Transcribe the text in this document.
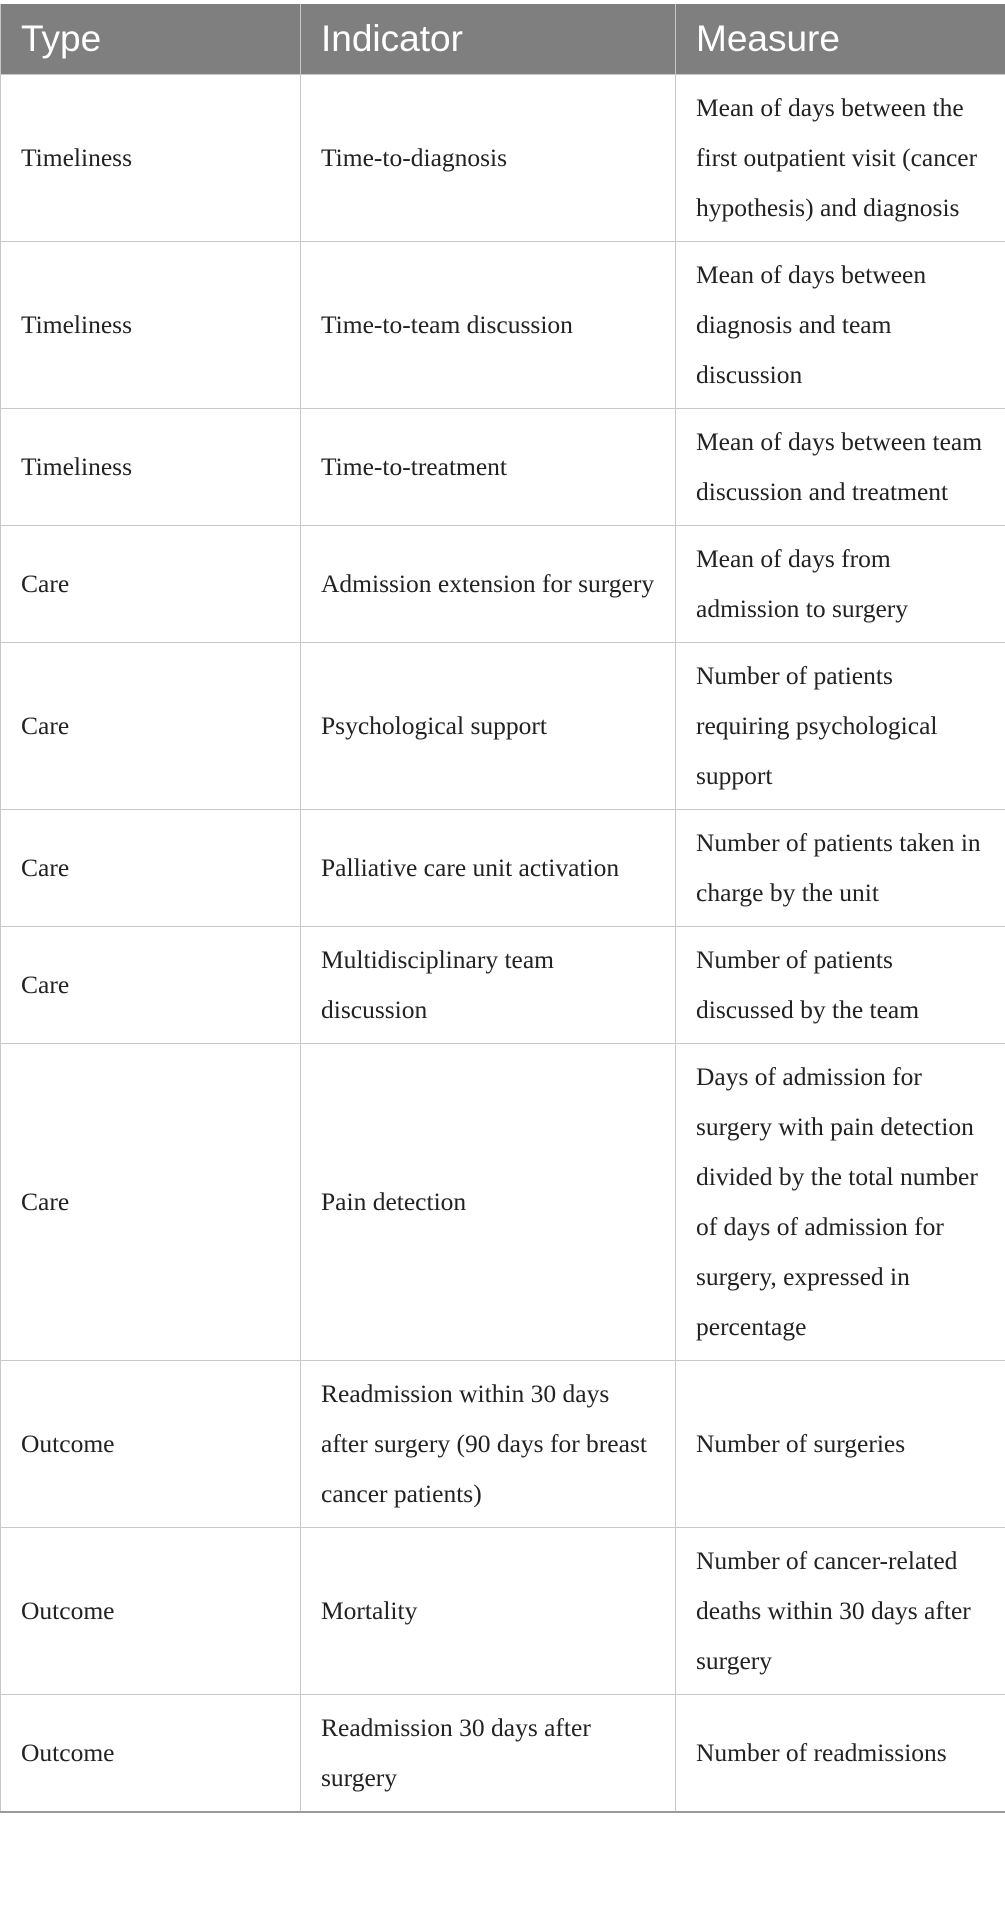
Type	Indicator	Measure
Timeliness	Time-to-diagnosis	Mean of days between the first outpatient visit (cancer hypothesis) and diagnosis
Timeliness	Time-to-team discussion	Mean of days between diagnosis and team discussion
Timeliness	Time-to-treatment	Mean of days between team discussion and treatment
Care	Admission extension for surgery	Mean of days from admission to surgery
Care	Psychological support	Number of patients requiring psychological support
Care	Palliative care unit activation	Number of patients taken in charge by the unit
Care	Multidisciplinary team discussion	Number of patients discussed by the team
Care	Pain detection	Days of admission for surgery with pain detection divided by the total number of days of admission for surgery, expressed in percentage
Outcome	Readmission within 30 days after surgery (90 days for breast cancer patients)	Number of surgeries
Outcome	Mortality	Number of cancer-related deaths within 30 days after surgery
Outcome	Readmission 30 days after surgery	Number of readmissions
